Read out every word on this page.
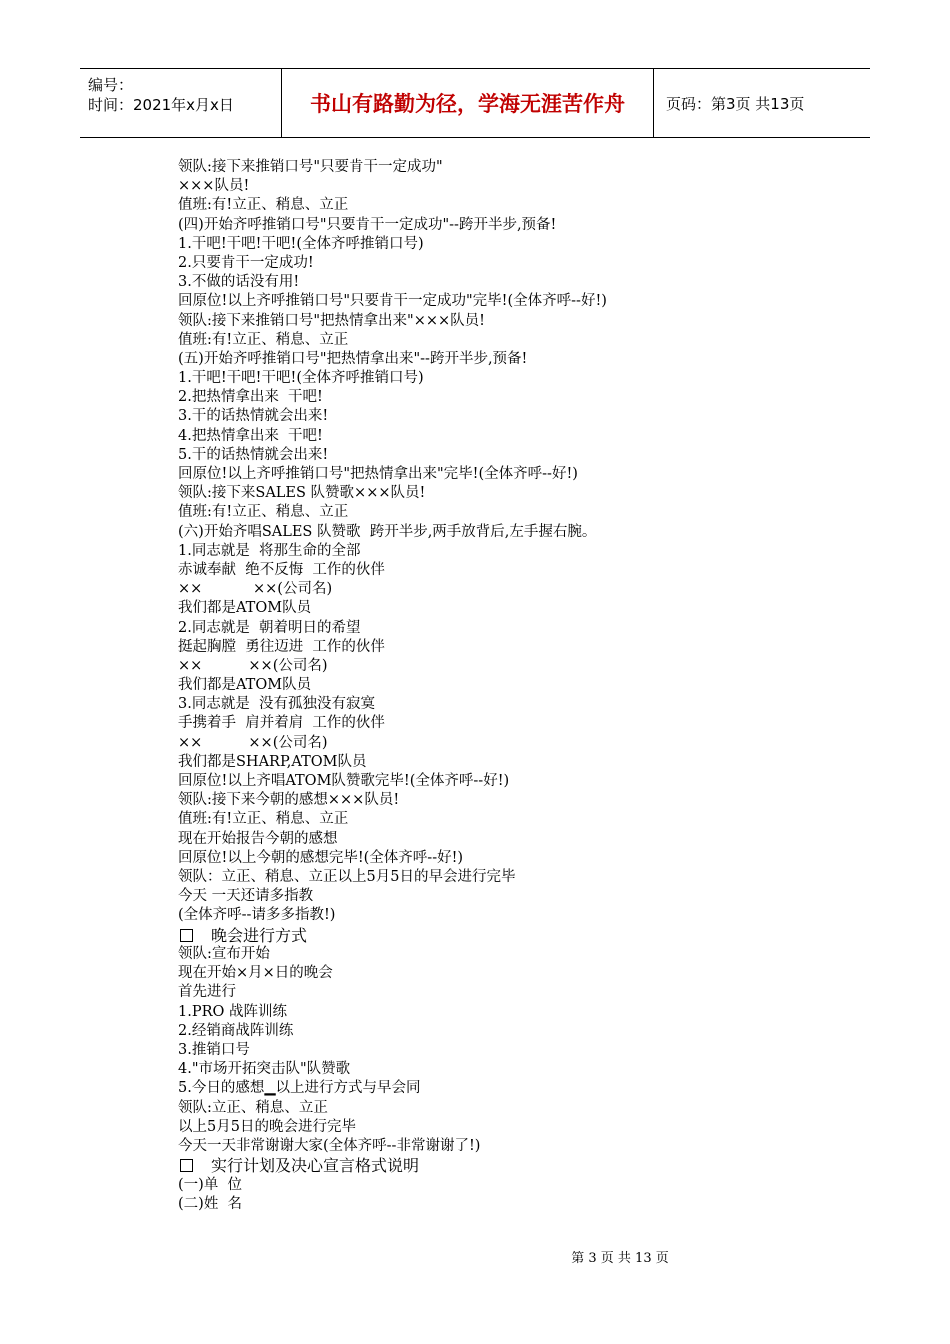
编号：
时间：2021年x月x日	书山有路勤为径，学海无涯苦作舟	页码：第3页 共13页
领队:接下来推销口号"只要肯干一定成功"
×××队员!
值班:有!立正、稍息、立正
(四)开始齐呼推销口号"只要肯干一定成功"--跨开半步,预备!
1.干吧!干吧!干吧!(全体齐呼推销口号)
2.只要肯干一定成功!
3.不做的话没有用!
回原位!以上齐呼推销口号"只要肯干一定成功"完毕!(全体齐呼--好!)
领队:接下来推销口号"把热情拿出来"×××队员!
值班:有!立正、稍息、立正
(五)开始齐呼推销口号"把热情拿出来"--跨开半步,预备!
1.干吧!干吧!干吧!(全体齐呼推销口号)
2.把热情拿出来  干吧!
3.干的话热情就会出来!
4.把热情拿出来  干吧!
5.干的话热情就会出来!
回原位!以上齐呼推销口号"把热情拿出来"完毕!(全体齐呼--好!)
领队:接下来SALES 队赞歌×××队员!
值班:有!立正、稍息、立正
(六)开始齐唱SALES 队赞歌  跨开半步,两手放背后,左手握右腕。
1.同志就是  将那生命的全部
赤诚奉献  绝不反悔  工作的伙伴
××           ××(公司名)
我们都是ATOM队员
2.同志就是  朝着明日的希望
挺起胸膛  勇往迈进  工作的伙伴
××          ××(公司名)
我们都是ATOM队员
3.同志就是  没有孤独没有寂寞
手携着手  肩并着肩  工作的伙伴
××          ××(公司名)
我们都是SHARP,ATOM队员
回原位!以上齐唱ATOM队赞歌完毕!(全体齐呼--好!)
领队:接下来今朝的感想×××队员!
值班:有!立正、稍息、立正
现在开始报告今朝的感想
回原位!以上今朝的感想完毕!(全体齐呼--好!)
领队：立正、稍息、立正以上5月5日的早会进行完毕
今天 一天还请多指教
(全体齐呼--请多多指教!)
晚会进行方式
领队:宣布开始
现在开始×月×日的晚会
首先进行
1.PRO 战阵训练
2.经销商战阵训练
3.推销口号
4."市场开拓突击队"队赞歌
5.今日的感想▁以上进行方式与早会同
领队:立正、稍息、立正
以上5月5日的晚会进行完毕
今天一天非常谢谢大家(全体齐呼--非常谢谢了!)
实行计划及决心宣言格式说明
(一)单  位
(二)姓  名
第 3 页 共 13 页
